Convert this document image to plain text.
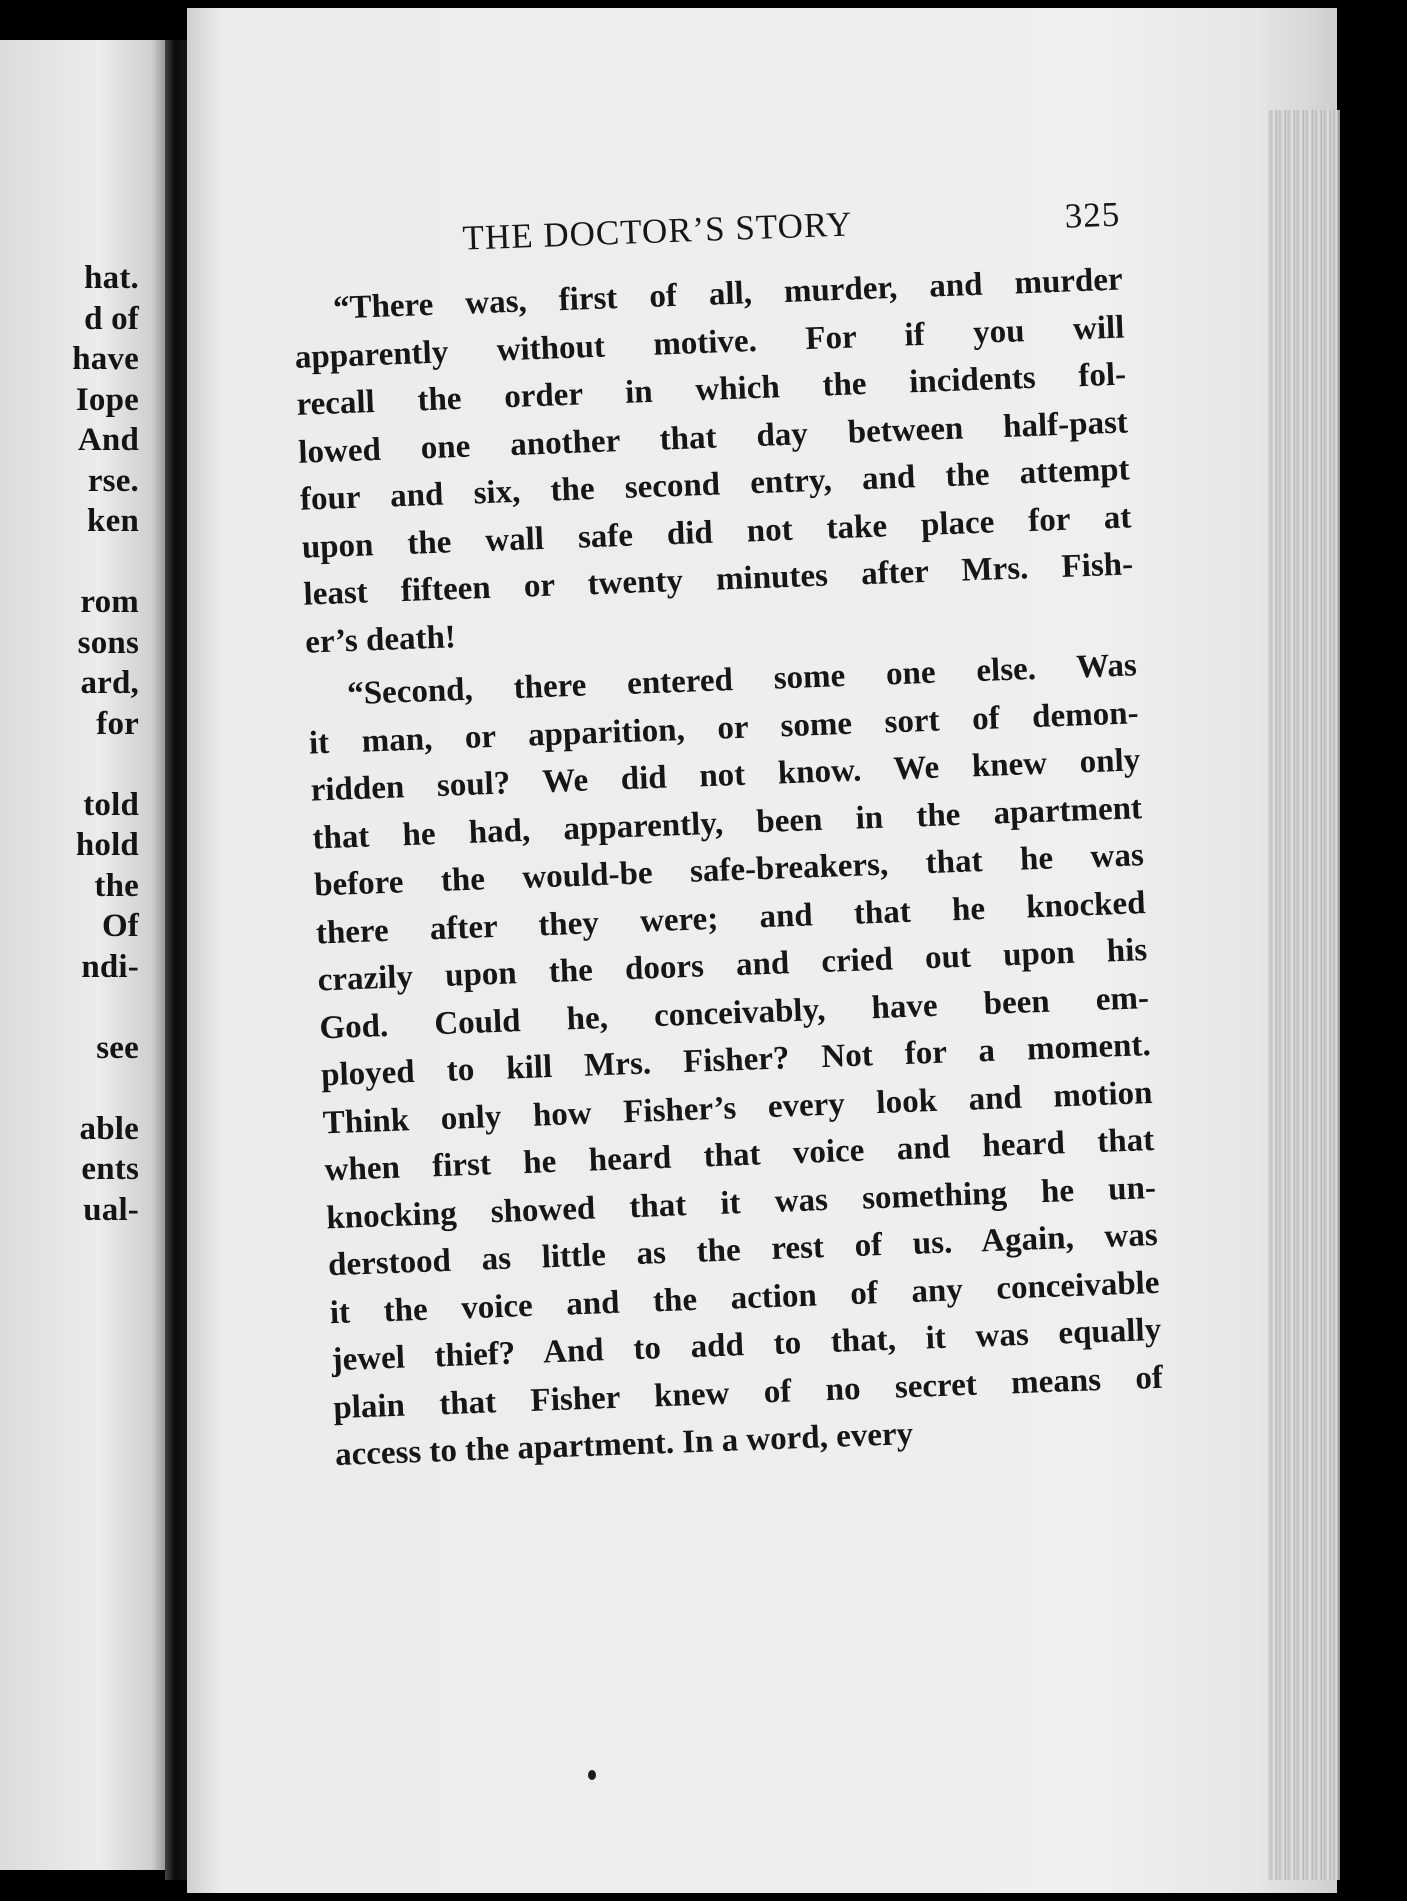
hat.
d of
have
Iope
And
rse.
ken
rom
sons
ard,
for
told
hold
the
Of
ndi-
see
able
ents
ual-
THE DOCTOR’S STORY	325
“There was, first of all, murder, and murder
apparently without motive. For if you will
recall the order in which the incidents fol-
lowed one another that day between half-past
four and six, the second entry, and the attempt
upon the wall safe did not take place for at
least fifteen or twenty minutes after Mrs. Fish-
er’s death!
“Second, there entered some one else. Was
it man, or apparition, or some sort of demon-
ridden soul? We did not know. We knew only
that he had, apparently, been in the apartment
before the would-be safe-breakers, that he was
there after they were; and that he knocked
crazily upon the doors and cried out upon his
God. Could he, conceivably, have been em-
ployed to kill Mrs. Fisher? Not for a moment.
Think only how Fisher’s every look and motion
when first he heard that voice and heard that
knocking showed that it was something he un-
derstood as little as the rest of us. Again, was
it the voice and the action of any conceivable
jewel thief? And to add to that, it was equally
plain that Fisher knew of no secret means of
access to the apartment. In a word, every
